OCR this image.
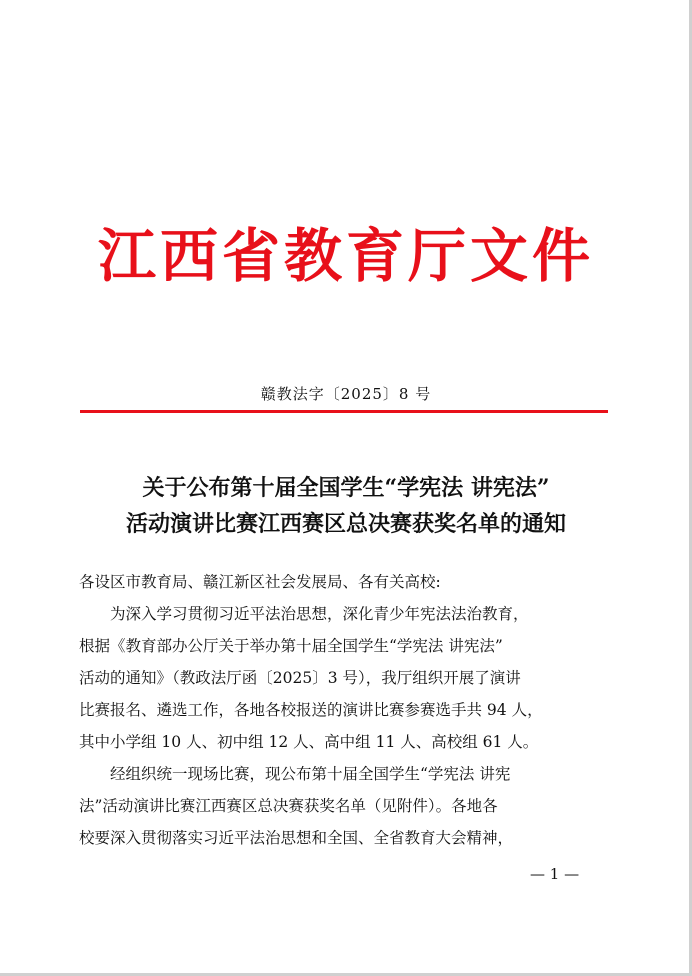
江西省教育厅文件
赣教法字〔2025〕8 号
关于公布第十届全国学生“学宪法 讲宪法”
活动演讲比赛江西赛区总决赛获奖名单的通知
各设区市教育局、赣江新区社会发展局、各有关高校:
为深入学习贯彻习近平法治思想，深化青少年宪法法治教育，
根据《教育部办公厅关于举办第十届全国学生“学宪法 讲宪法”
活动的通知》（教政法厅函〔2025〕3 号），我厅组织开展了演讲
比赛报名、遴选工作，各地各校报送的演讲比赛参赛选手共 94 人，
其中小学组 10 人、初中组 12 人、高中组 11 人、高校组 61 人。
经组织统一现场比赛，现公布第十届全国学生“学宪法 讲宪
法”活动演讲比赛江西赛区总决赛获奖名单（见附件）。各地各
校要深入贯彻落实习近平法治思想和全国、全省教育大会精神，
— 1 —
